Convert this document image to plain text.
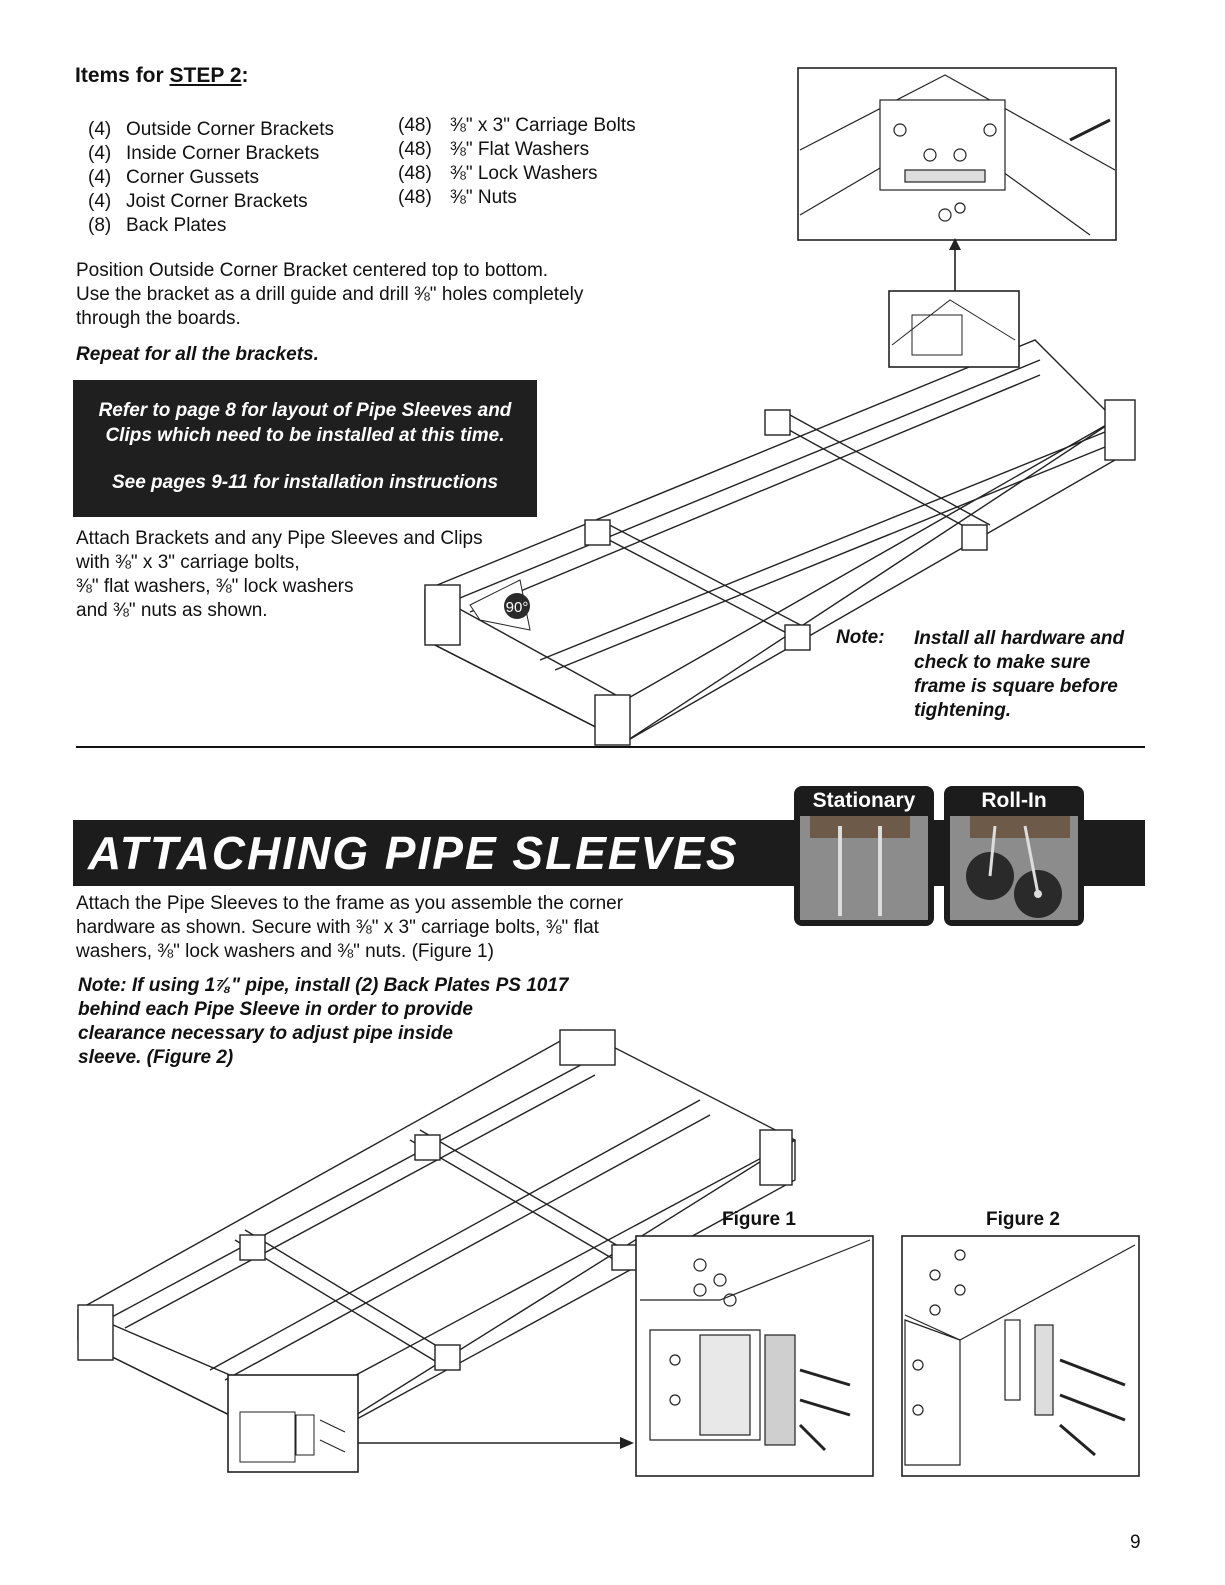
Items for STEP 2:
(4) Outside Corner Brackets
(4) Inside Corner Brackets
(4) Corner Gussets
(4) Joist Corner Brackets
(8) Back Plates
(48) ⅜" x 3" Carriage Bolts
(48) ⅜" Flat Washers
(48) ⅜" Lock Washers
(48) ⅜" Nuts
Position Outside Corner Bracket centered top to bottom.
Use the bracket as a drill guide and drill ⅜" holes completely
through the boards.
Repeat for all the brackets.
Refer to page 8 for layout of Pipe Sleeves and
Clips which need to be installed at this time.
See pages 9-11 for installation instructions
Attach Brackets and any Pipe Sleeves and Clips
with ⅜" x 3" carriage bolts,
⅜" flat washers, ⅜" lock washers
and ⅜" nuts as shown.	90°
Note: Install all hardware and
check to make sure
frame is square before
tightening.
ATTACHING PIPE SLEEVES
Stationary	Roll-In
Attach the Pipe Sleeves to the frame as you assemble the corner
hardware as shown. Secure with ⅜" x 3" carriage bolts, ⅜" flat
washers, ⅜" lock washers and ⅜" nuts. (Figure 1)
Note: If using 1⅞" pipe, install (2) Back Plates PS 1017
behind each Pipe Sleeve in order to provide
clearance necessary to adjust pipe inside
sleeve. (Figure 2)
Figure 1	Figure 2
9
